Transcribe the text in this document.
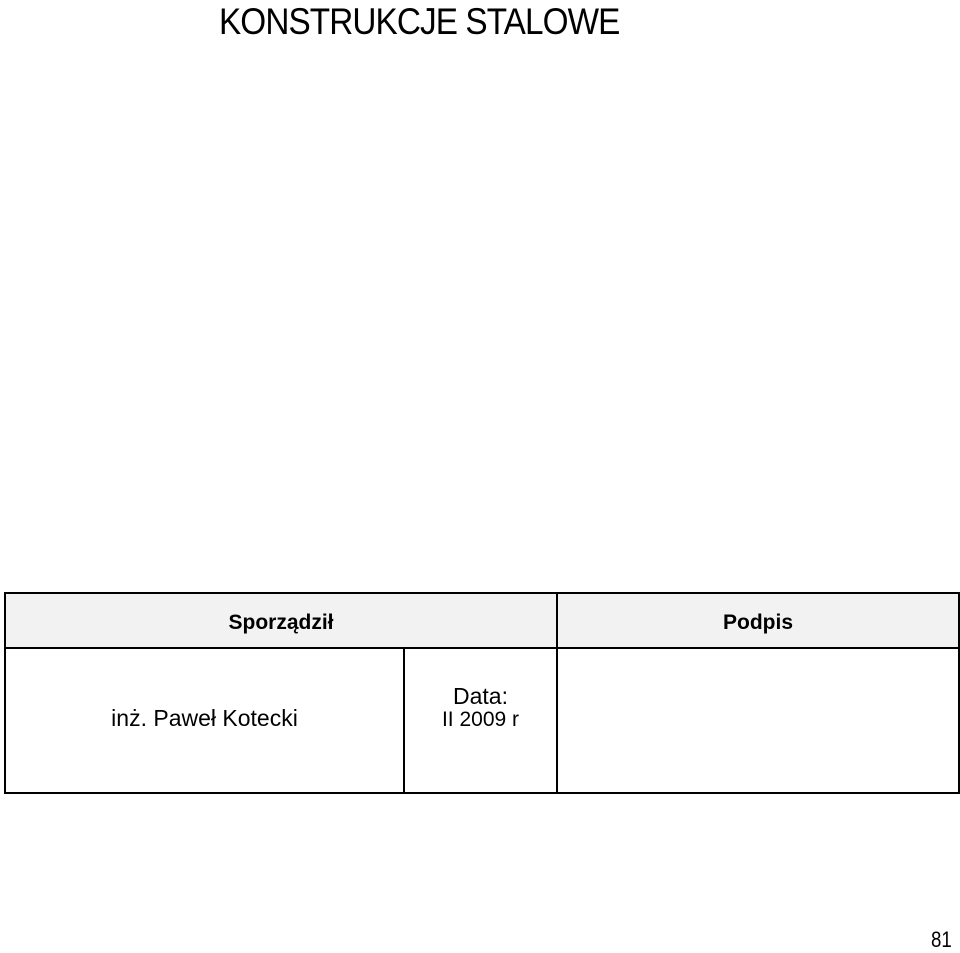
KONSTRUKCJE STALOWE
Sporządził		Podpis
inż. Paweł Kotecki	Data:
II 2009 r	

81
